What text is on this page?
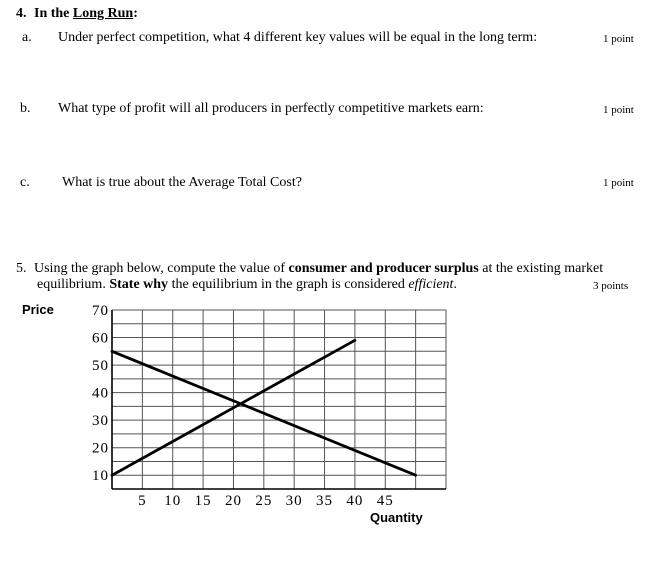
4. In the Long Run:
a. Under perfect competition, what 4 different key values will be equal in the long term:	1 point
b. What type of profit will all producers in perfectly competitive markets earn:	1 point
c. What is true about the Average Total Cost?	1 point
5. Using the graph below, compute the value of consumer and producer surplus at the existing market
equilibrium. State why the equilibrium in the graph is considered efficient.	3 points
70
60
50
40
30
20
10
5 10 15 20 25 30 35 40 45
Price
Quantity
